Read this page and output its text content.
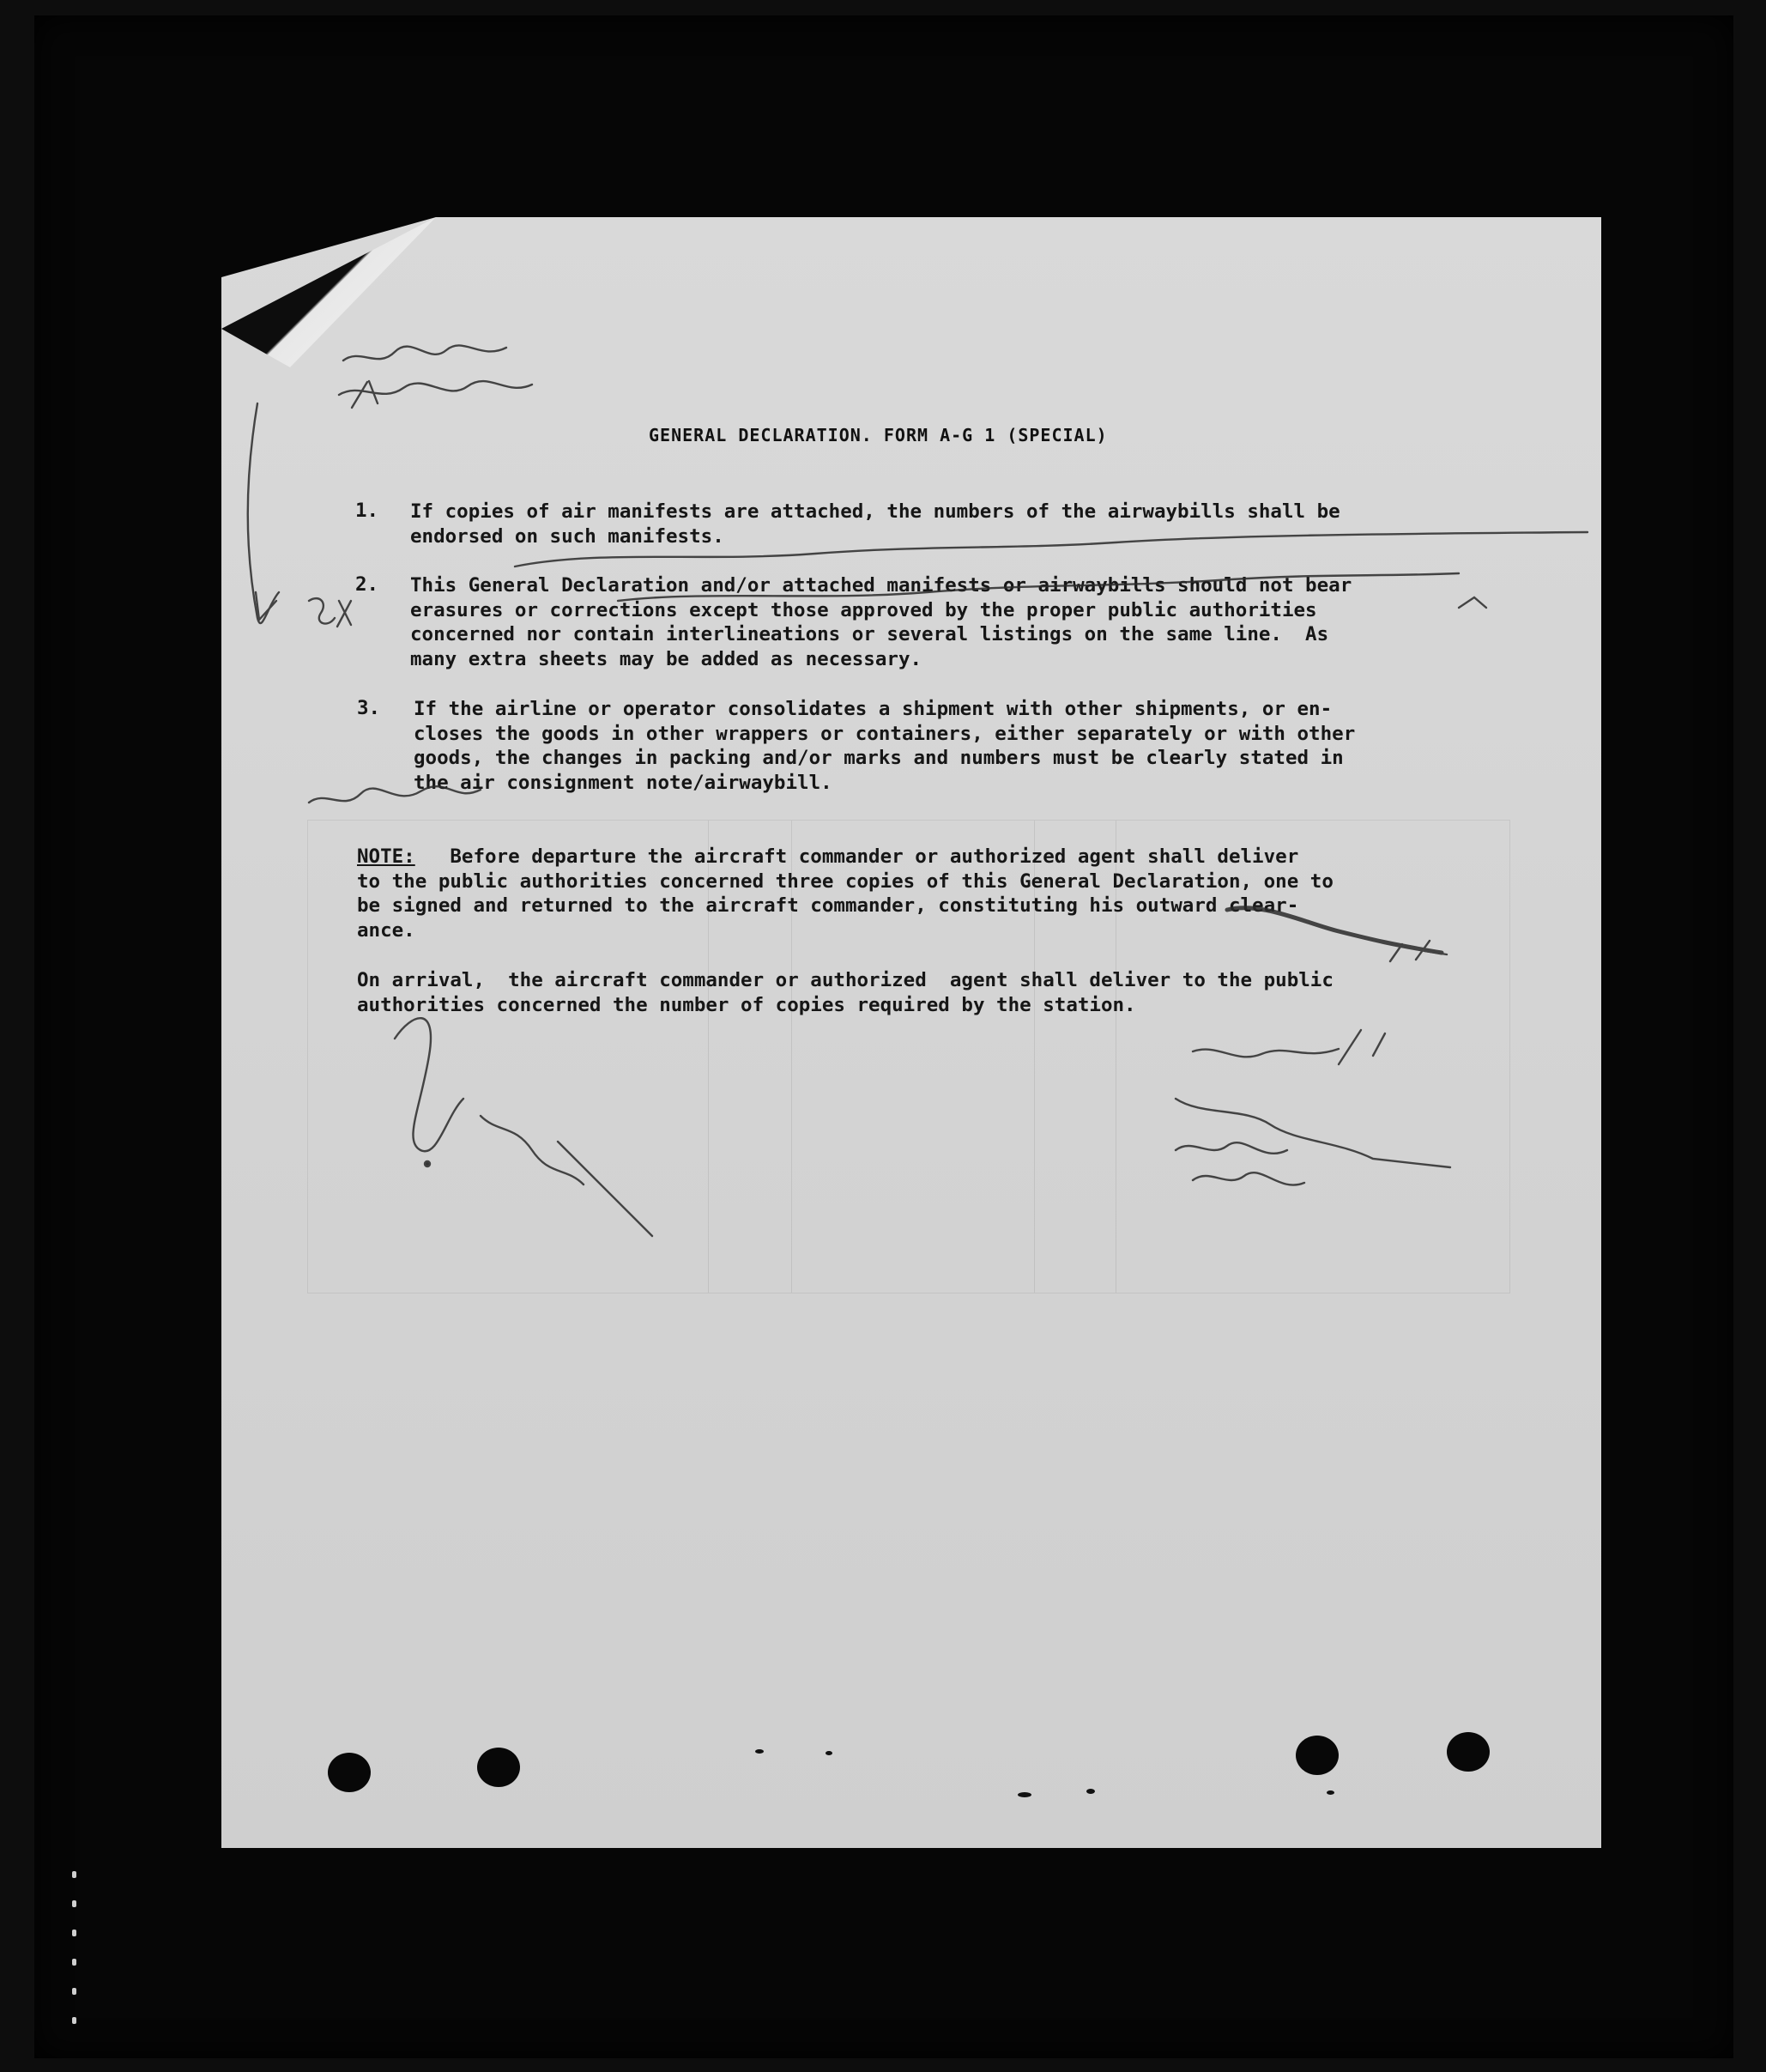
GENERAL DECLARATION. FORM A-G 1 (SPECIAL)
1. If copies of air manifests are attached, the numbers of the airwaybills shall be
endorsed on such manifests.
2. This General Declaration and/or attached manifests or airwaybills should not bear
erasures or corrections except those approved by the proper public authorities
concerned nor contain interlineations or several listings on the same line.  As
many extra sheets may be added as necessary.
3. If the airline or operator consolidates a shipment with other shipments, or en-
closes the goods in other wrappers or containers, either separately or with other
goods, the changes in packing and/or marks and numbers must be clearly stated in
the air consignment note/airwaybill.
NOTE:   Before departure the aircraft commander or authorized agent shall deliver
to the public authorities concerned three copies of this General Declaration, one to
be signed and returned to the aircraft commander, constituting his outward clear-
ance.
On arrival,  the aircraft commander or authorized  agent shall deliver to the public
authorities concerned the number of copies required by the station.
